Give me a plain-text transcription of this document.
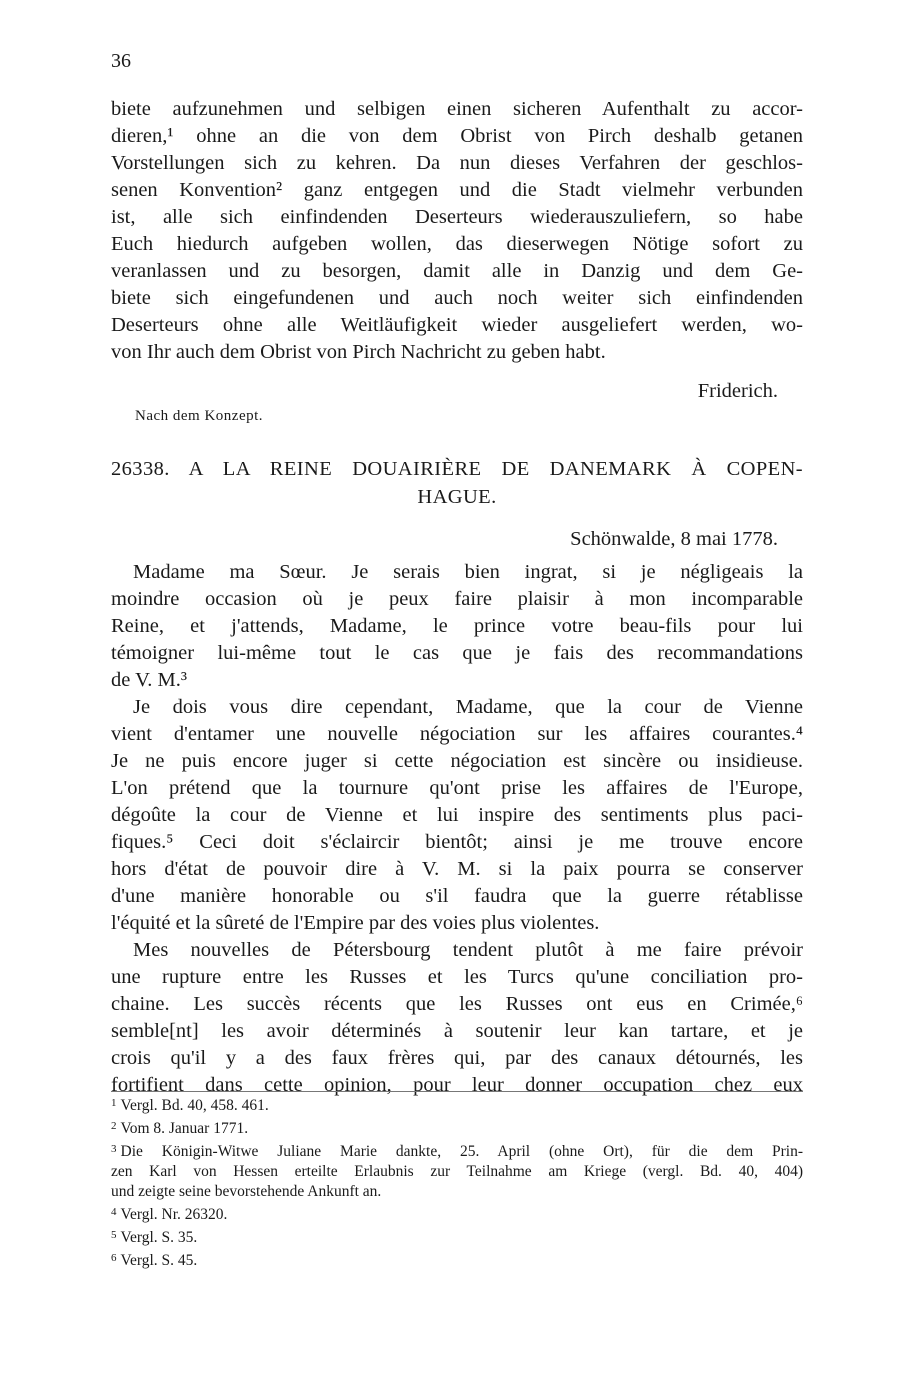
36
biete aufzunehmen und selbigen einen sicheren Aufenthalt zu accor-
dieren,¹ ohne an die von dem Obrist von Pirch deshalb getanen
Vorstellungen sich zu kehren. Da nun dieses Verfahren der geschlos-
senen Konvention² ganz entgegen und die Stadt vielmehr verbunden
ist, alle sich einfindenden Deserteurs wiederauszuliefern, so habe
Euch hiedurch aufgeben wollen, das dieserwegen Nötige sofort zu
veranlassen und zu besorgen, damit alle in Danzig und dem Ge-
biete sich eingefundenen und auch noch weiter sich einfindenden
Deserteurs ohne alle Weitläufigkeit wieder ausgeliefert werden, wo-
von Ihr auch dem Obrist von Pirch Nachricht zu geben habt.
Friderich.
Nach dem Konzept.
26338. A LA REINE DOUAIRIÈRE DE DANEMARK À COPEN-
HAGUE.
Schönwalde, 8 mai 1778.
Madame ma Sœur. Je serais bien ingrat, si je négligeais la
moindre occasion où je peux faire plaisir à mon incomparable
Reine, et j'attends, Madame, le prince votre beau-fils pour lui
témoigner lui-même tout le cas que je fais des recommandations
de V. M.³
Je dois vous dire cependant, Madame, que la cour de Vienne
vient d'entamer une nouvelle négociation sur les affaires courantes.⁴
Je ne puis encore juger si cette négociation est sincère ou insidieuse.
L'on prétend que la tournure qu'ont prise les affaires de l'Europe,
dégoûte la cour de Vienne et lui inspire des sentiments plus paci-
fiques.⁵ Ceci doit s'éclaircir bientôt; ainsi je me trouve encore
hors d'état de pouvoir dire à V. M. si la paix pourra se conserver
d'une manière honorable ou s'il faudra que la guerre rétablisse
l'équité et la sûreté de l'Empire par des voies plus violentes.
Mes nouvelles de Pétersbourg tendent plutôt à me faire prévoir
une rupture entre les Russes et les Turcs qu'une conciliation pro-
chaine. Les succès récents que les Russes ont eus en Crimée,⁶
semble[nt] les avoir déterminés à soutenir leur kan tartare, et je
crois qu'il y a des faux frères qui, par des canaux détournés, les
fortifient dans cette opinion, pour leur donner occupation chez eux
$^1$ Vergl. Bd. 40, 458. 461.
$^2$ Vom 8. Januar 1771.
$^3$ Die Königin-Witwe Juliane Marie dankte, 25. April (ohne Ort), für die dem Prin-
zen Karl von Hessen erteilte Erlaubnis zur Teilnahme am Kriege (vergl. Bd. 40, 404)
und zeigte seine bevorstehende Ankunft an.
$^4$ Vergl. Nr. 26320.
$^5$ Vergl. S. 35.
$^6$ Vergl. S. 45.
